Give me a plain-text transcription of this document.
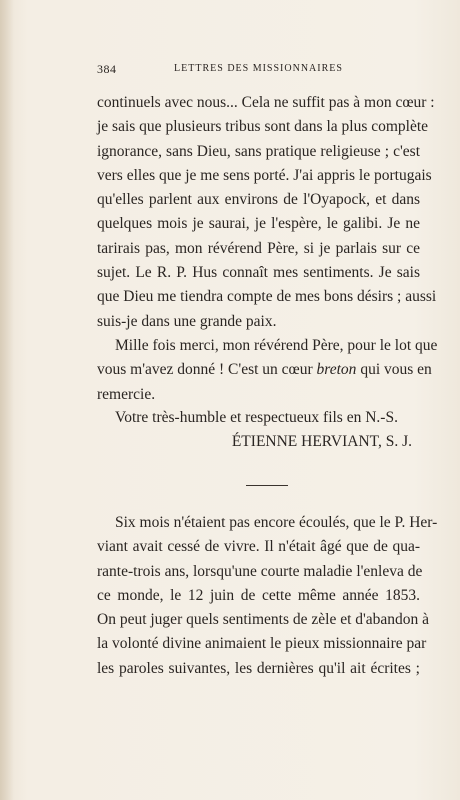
384	LETTRES DES MISSIONNAIRES
continuels avec nous... Cela ne suffit pas à mon cœur :
je sais que plusieurs tribus sont dans la plus complète
ignorance, sans Dieu, sans pratique religieuse ; c'est
vers elles que je me sens porté. J'ai appris le portugais
qu'elles parlent aux environs de l'Oyapock, et dans
quelques mois je saurai, je l'espère, le galibi. Je ne
tarirais pas, mon révérend Père, si je parlais sur ce
sujet. Le R. P. Hus connaît mes sentiments. Je sais
que Dieu me tiendra compte de mes bons désirs ; aussi
suis-je dans une grande paix.
Mille fois merci, mon révérend Père, pour le lot que
vous m'avez donné ! C'est un cœur breton qui vous en
remercie.
Votre très-humble et respectueux fils en N.-S.
ÉTIENNE HERVIANT, S. J.
Six mois n'étaient pas encore écoulés, que le P. Her-
viant avait cessé de vivre. Il n'était âgé que de qua-
rante-trois ans, lorsqu'une courte maladie l'enleva de
ce monde, le 12 juin de cette même année 1853.
On peut juger quels sentiments de zèle et d'abandon à
la volonté divine animaient le pieux missionnaire par
les paroles suivantes, les dernières qu'il ait écrites ;
